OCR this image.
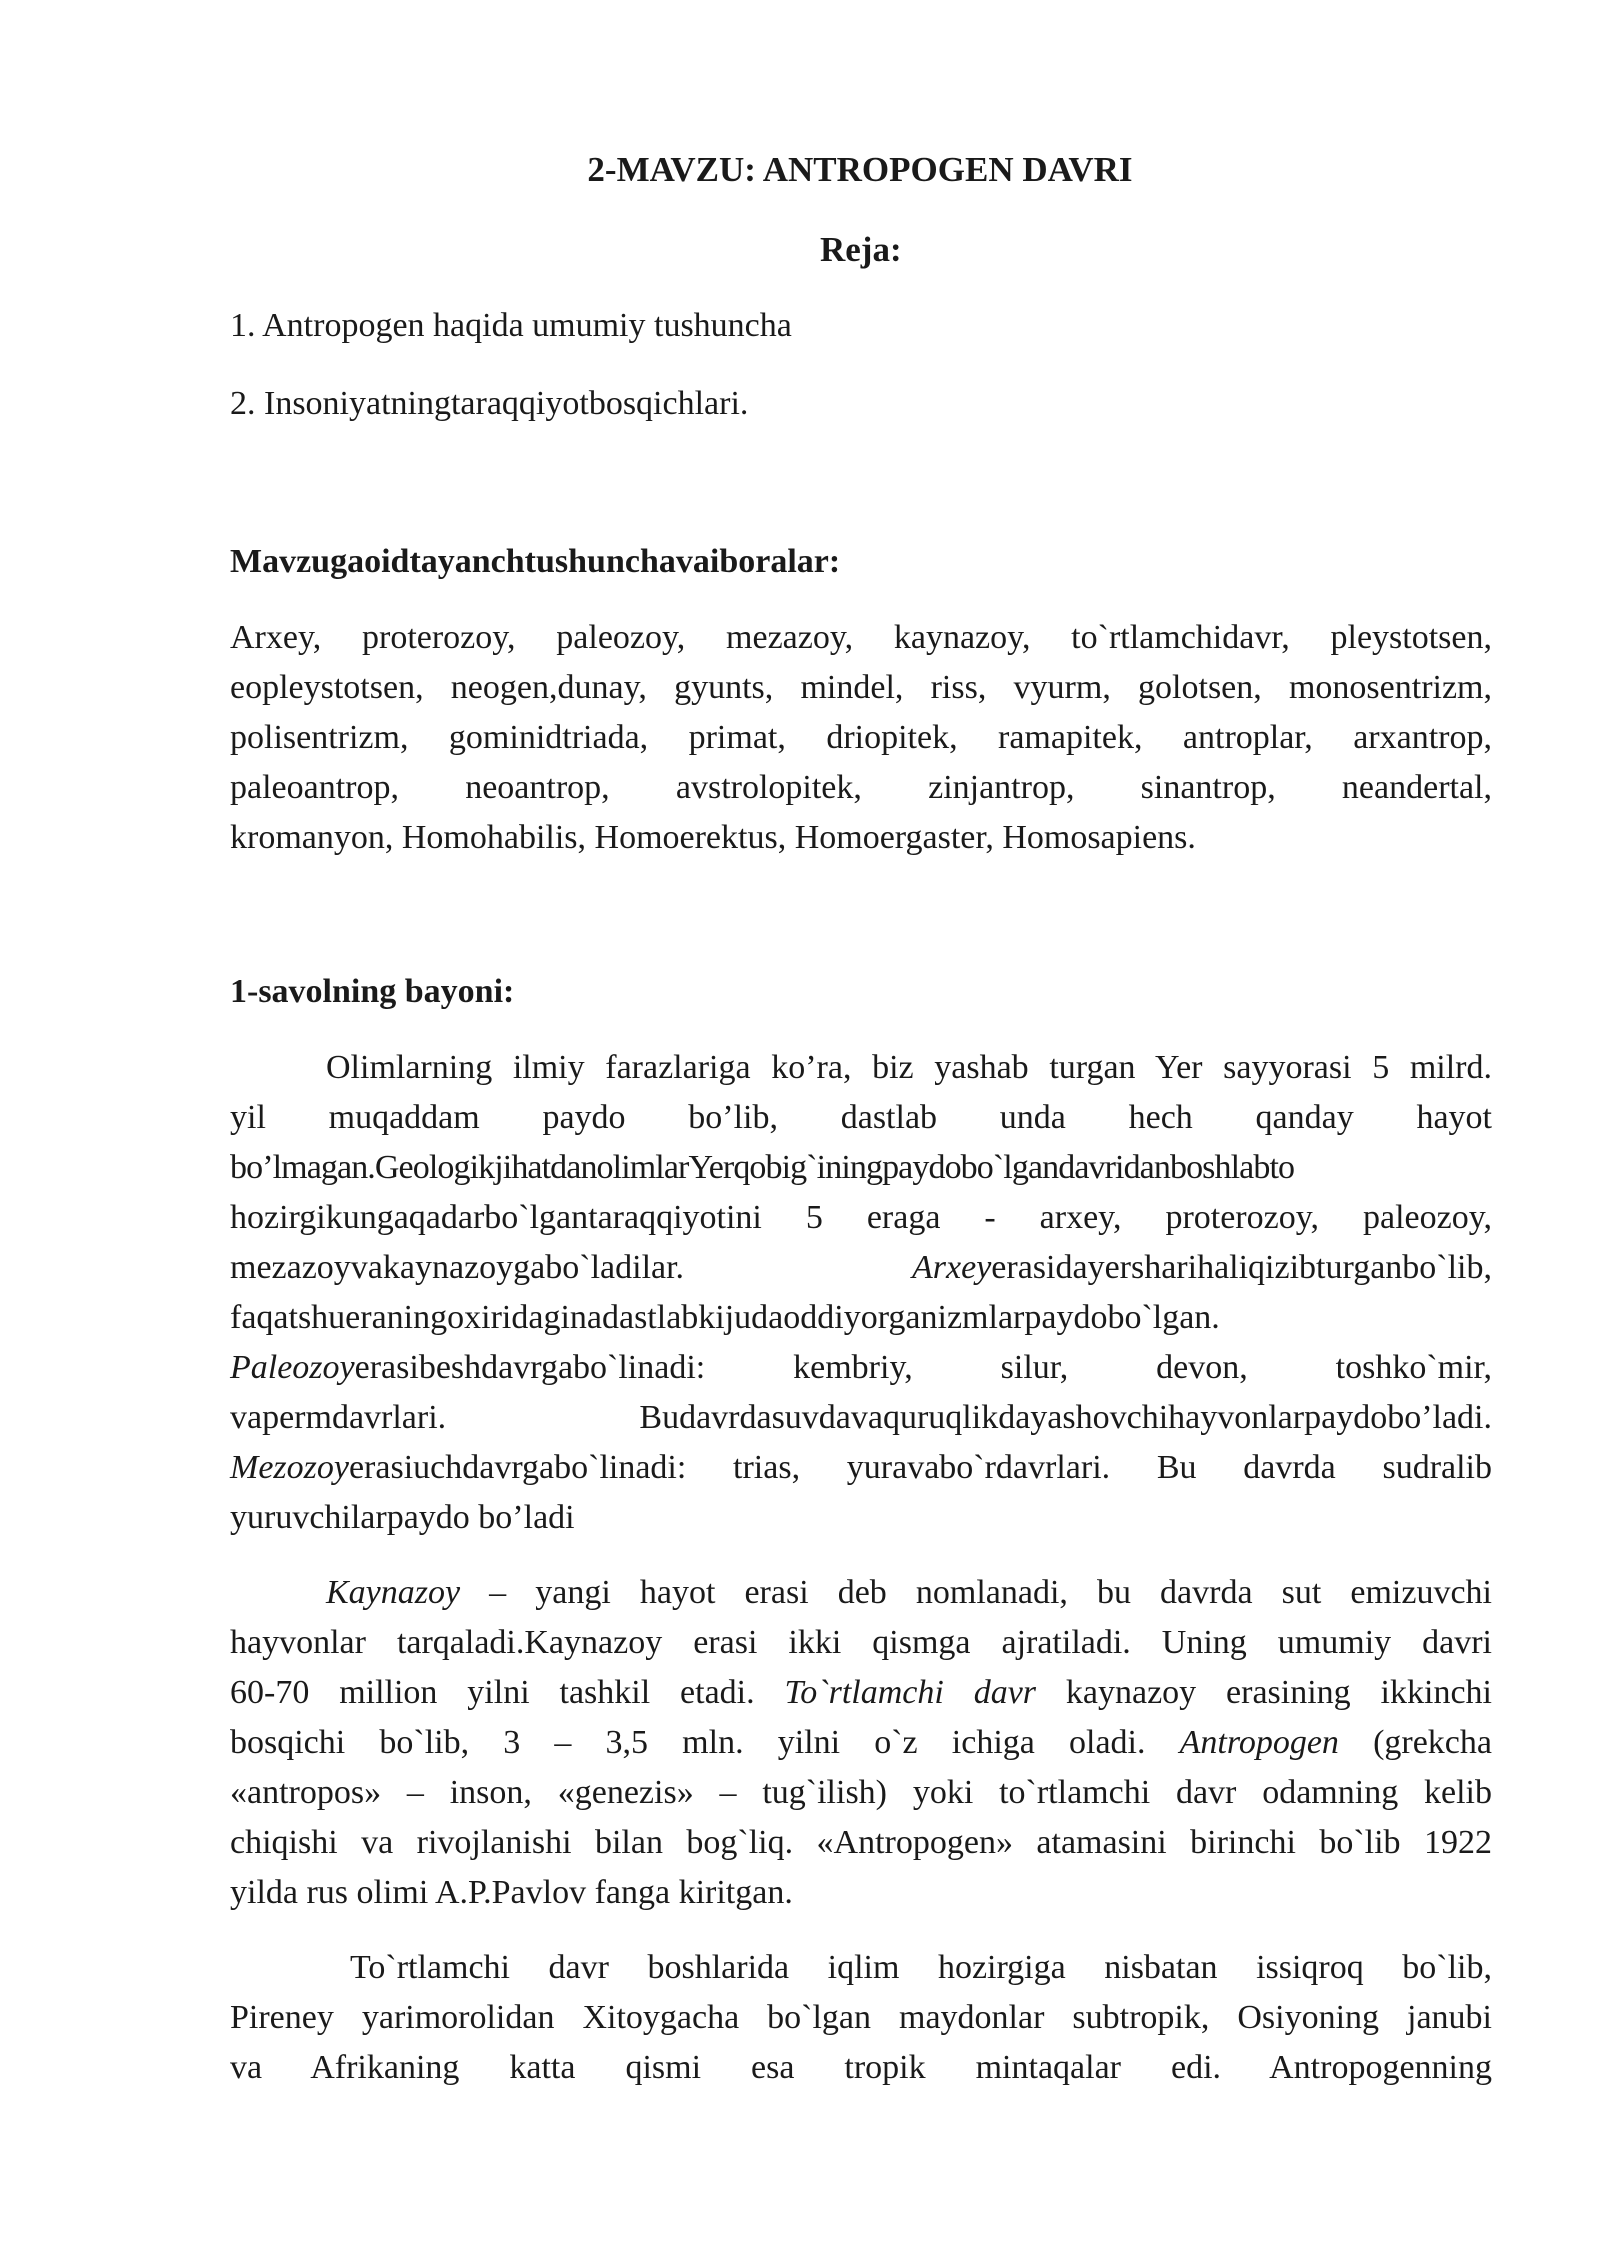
2-MAVZU: ANTROPOGEN DAVRI
Reja:
1. Antropogen haqida umumiy tushuncha
2. Insoniyatningtaraqqiyotbosqichlari.
Mavzugaoidtayanchtushunchavaiboralar:
Arxey, proterozoy, paleozoy, mezazoy, kaynazoy, to`rtlamchidavr, pleystotsen,
eopleystotsen, neogen,dunay, gyunts, mindel, riss, vyurm, golotsen, monosentrizm,
polisentrizm, gominidtriada, primat, driopitek, ramapitek, antroplar, arxantrop,
paleoantrop, neoantrop, avstrolopitek, zinjantrop, sinantrop, neandertal,
kromanyon, Homohabilis, Homoerektus, Homoergaster, Homosapiens.
1-savolning bayoni:
Olimlarning ilmiy farazlariga ko’ra, biz yashab turgan Yer sayyorasi 5 milrd.
yil muqaddam paydo bo’lib, dastlab unda hech qanday hayot
bo’lmagan.GeologikjihatdanolimlarYerqobig`iningpaydobo`lgandavridanboshlabto
hozirgikungaqadarbo`lgantaraqqiyotini 5 eraga - arxey, proterozoy, paleozoy,
mezazoyvakaynazoygabo`ladilar.	Arxeyerasidayersharihaliqizibturganbo`lib,
faqatshueraningoxiridaginadastlabkijudaoddiyorganizmlarpaydobo`lgan.
Paleozoyerasibeshdavrgabo`linadi: kembriy, silur, devon, toshko`mir,
vapermdavrlari. Budavrdasuvdavaquruqlikdayashovchihayvonlarpaydobo’ladi.
Mezozoyerasiuchdavrgabo`linadi: trias, yuravabo`rdavrlari. Bu davrda sudralib
yuruvchilarpaydo bo’ladi
Kaynazoy – yangi hayot erasi deb nomlanadi, bu davrda sut emizuvchi
hayvonlar tarqaladi.Kaynazoy erasi ikki qismga ajratiladi. Uning umumiy davri
60-70 million yilni tashkil etadi. To`rtlamchi davr kaynazoy erasining ikkinchi
bosqichi bo`lib, 3 – 3,5 mln. yilni o`z ichiga oladi. Antropogen (grekcha
«antropos» – inson, «genezis» – tug`ilish) yoki to`rtlamchi davr odamning kelib
chiqishi va rivojlanishi bilan bog`liq. «Antropogen» atamasini birinchi bo`lib 1922
yilda rus olimi A.P.Pavlov fanga kiritgan.
To`rtlamchi davr boshlarida iqlim hozirgiga nisbatan issiqroq bo`lib,
Pireney yarimorolidan Xitoygacha bo`lgan maydonlar subtropik, Osiyoning janubi
va Afrikaning katta qismi esa tropik mintaqalar edi. Antropogenning
